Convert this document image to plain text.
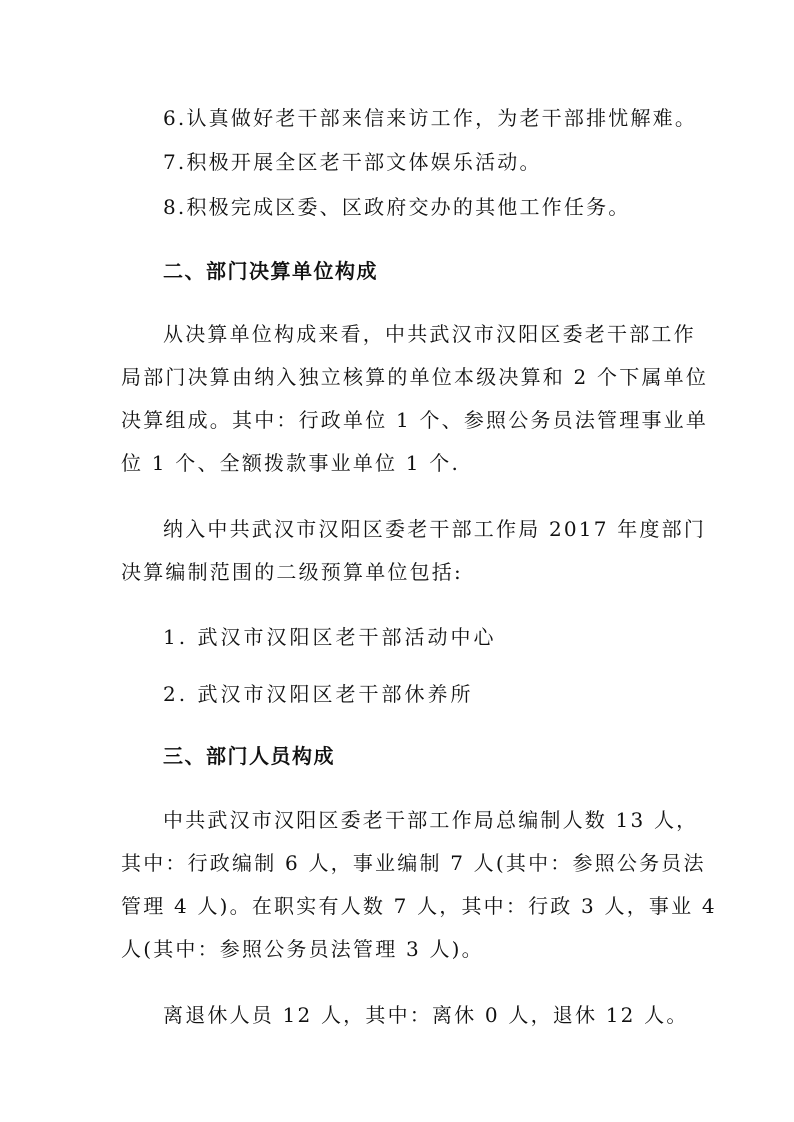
6.认真做好老干部来信来访工作，为老干部排忧解难。

7.积极开展全区老干部文体娱乐活动。

8.积极完成区委、区政府交办的其他工作任务。

二、部门决算单位构成

从决算单位构成来看，中共武汉市汉阳区委老干部工作

局部门决算由纳入独立核算的单位本级决算和 2 个下属单位

决算组成。其中：行政单位 1 个、参照公务员法管理事业单

位 1 个、全额拨款事业单位 1 个.

纳入中共武汉市汉阳区委老干部工作局 2017 年度部门

决算编制范围的二级预算单位包括:

1. 武汉市汉阳区老干部活动中心

2. 武汉市汉阳区老干部休养所

三、部门人员构成

中共武汉市汉阳区委老干部工作局总编制人数 13 人，

其中：行政编制 6 人，事业编制 7 人(其中：参照公务员法

管理 4 人)。在职实有人数 7 人，其中：行政 3 人，事业 4

人(其中：参照公务员法管理 3 人)。

离退休人员 12 人，其中：离休 0 人，退休 12 人。
